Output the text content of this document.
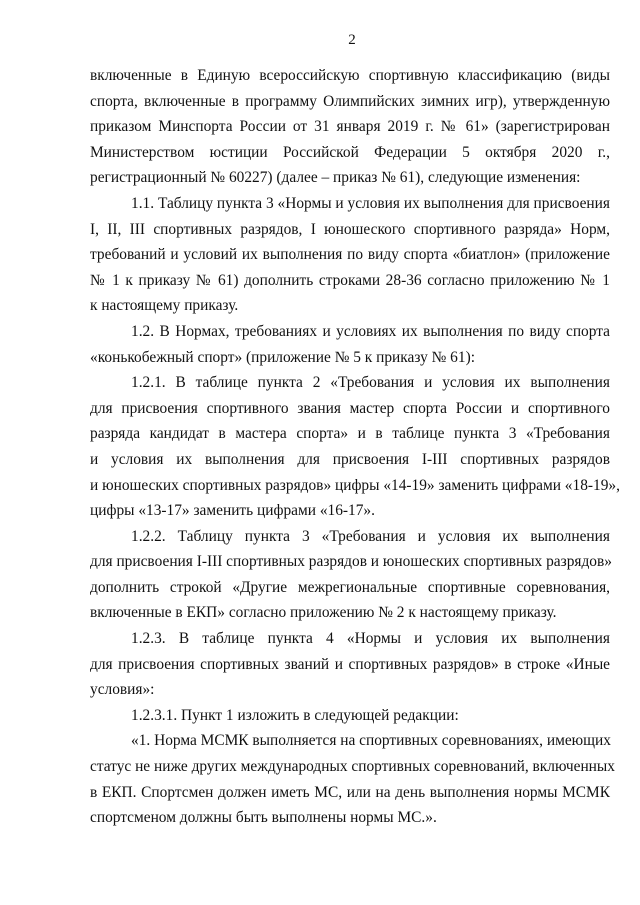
2
включенные в Единую всероссийскую спортивную классификацию (виды
спорта, включенные в программу Олимпийских зимних игр), утвержденную
приказом Минспорта России от 31 января 2019 г. № 61» (зарегистрирован
Министерством юстиции Российской Федерации 5 октября 2020 г.,
регистрационный № 60227) (далее – приказ № 61), следующие изменения:
1.1. Таблицу пункта 3 «Нормы и условия их выполнения для присвоения
I, II, III спортивных разрядов, I юношеского спортивного разряда» Норм,
требований и условий их выполнения по виду спорта «биатлон» (приложение
№ 1 к приказу № 61) дополнить строками 28-36 согласно приложению № 1
к настоящему приказу.
1.2. В Нормах, требованиях и условиях их выполнения по виду спорта
«конькобежный спорт» (приложение № 5 к приказу № 61):
1.2.1. В таблице пункта 2 «Требования и условия их выполнения
для присвоения спортивного звания мастер спорта России и спортивного
разряда кандидат в мастера спорта» и в таблице пункта 3 «Требования
и условия их выполнения для присвоения I-III спортивных разрядов
и юношеских спортивных разрядов» цифры «14-19» заменить цифрами «18-19»,
цифры «13-17» заменить цифрами «16-17».
1.2.2. Таблицу пункта 3 «Требования и условия их выполнения
для присвоения I-III спортивных разрядов и юношеских спортивных разрядов»
дополнить строкой «Другие межрегиональные спортивные соревнования,
включенные в ЕКП» согласно приложению № 2 к настоящему приказу.
1.2.3. В таблице пункта 4 «Нормы и условия их выполнения
для присвоения спортивных званий и спортивных разрядов» в строке «Иные
условия»:
1.2.3.1. Пункт 1 изложить в следующей редакции:
«1. Норма МСМК выполняется на спортивных соревнованиях, имеющих
статус не ниже других международных спортивных соревнований, включенных
в ЕКП. Спортсмен должен иметь МС, или на день выполнения нормы МСМК
спортсменом должны быть выполнены нормы МС.».
